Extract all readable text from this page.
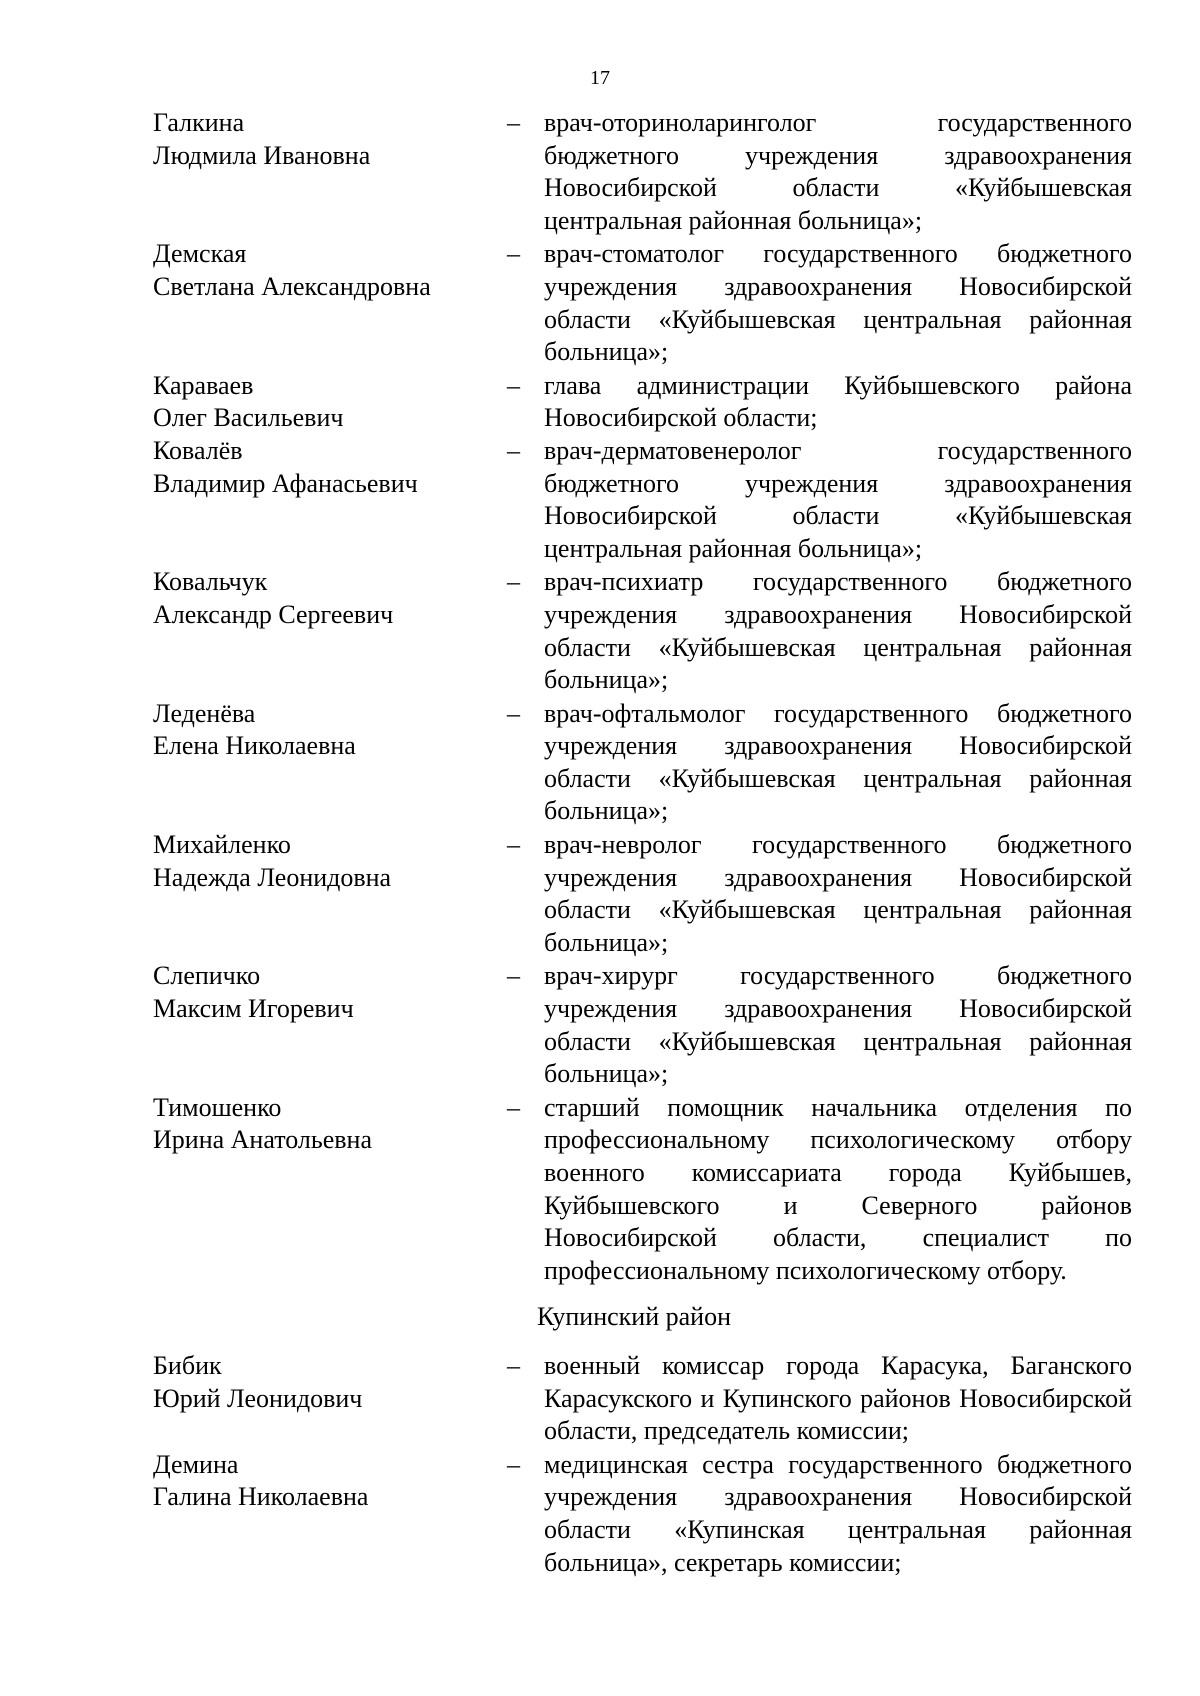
17
Галкина
Людмила Ивановна
– врач-оториноларинголог государственного бюджетного учреждения здравоохранения Новосибирской области «Куйбышевская центральная районная больница»;
Демская
Светлана Александровна
– врач-стоматолог государственного бюджетного учреждения здравоохранения Новосибирской области «Куйбышевская центральная районная больница»;
Караваев
Олег Васильевич
– глава администрации Куйбышевского района Новосибирской области;
Ковалёв
Владимир Афанасьевич
– врач-дерматовенеролог государственного бюджетного учреждения здравоохранения Новосибирской области «Куйбышевская центральная районная больница»;
Ковальчук
Александр Сергеевич
– врач-психиатр государственного бюджетного учреждения здравоохранения Новосибирской области «Куйбышевская центральная районная больница»;
Леденёва
Елена Николаевна
– врач-офтальмолог государственного бюджетного учреждения здравоохранения Новосибирской области «Куйбышевская центральная районная больница»;
Михайленко
Надежда Леонидовна
– врач-невролог государственного бюджетного учреждения здравоохранения Новосибирской области «Куйбышевская центральная районная больница»;
Слепичко
Максим Игоревич
– врач-хирург государственного бюджетного учреждения здравоохранения Новосибирской области «Куйбышевская центральная районная больница»;
Тимошенко
Ирина Анатольевна
– старший помощник начальника отделения по профессиональному психологическому отбору военного комиссариата города Куйбышев, Куйбышевского и Северного районов Новосибирской области, специалист по профессиональному психологическому отбору.
Купинский район
Бибик
Юрий Леонидович
– военный комиссар города Карасука, Баганского Карасукского и Купинского районов Новосибирской области, председатель комиссии;
Демина
Галина Николаевна
– медицинская сестра государственного бюджетного учреждения здравоохранения Новосибирской области «Купинская центральная районная больница», секретарь комиссии;
